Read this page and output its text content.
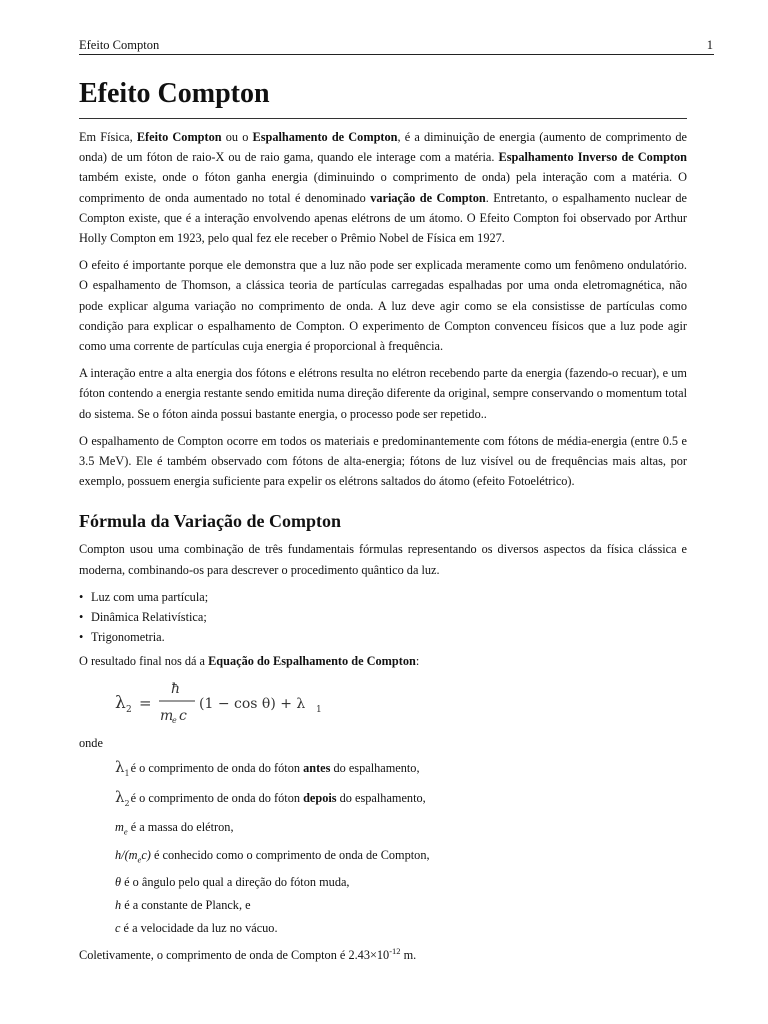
Efeito Compton	1
Efeito Compton

Em Física, Efeito Compton ou o Espalhamento de Compton, é a diminuição de energia (aumento de comprimento de onda) de um fóton de raio-X ou de raio gama, quando ele interage com a matéria. Espalhamento Inverso de Compton também existe, onde o fóton ganha energia (diminuindo o comprimento de onda) pela interação com a matéria. O comprimento de onda aumentado no total é denominado variação de Compton. Entretanto, o espalhamento nuclear de Compton existe, que é a interação envolvendo apenas elétrons de um átomo. O Efeito Compton foi observado por Arthur Holly Compton em 1923, pelo qual fez ele receber o Prêmio Nobel de Física em 1927.

O efeito é importante porque ele demonstra que a luz não pode ser explicada meramente como um fenômeno ondulatório. O espalhamento de Thomson, a clássica teoria de partículas carregadas espalhadas por uma onda eletromagnética, não pode explicar alguma variação no comprimento de onda. A luz deve agir como se ela consistisse de partículas como condição para explicar o espalhamento de Compton. O experimento de Compton convenceu físicos que a luz pode agir como uma corrente de partículas cuja energia é proporcional à frequência.

A interação entre a alta energia dos fótons e elétrons resulta no elétron recebendo parte da energia (fazendo-o recuar), e um fóton contendo a energia restante sendo emitida numa direção diferente da original, sempre conservando o momentum total do sistema. Se o fóton ainda possui bastante energia, o processo pode ser repetido..

O espalhamento de Compton ocorre em todos os materiais e predominantemente com fótons de média-energia (entre 0.5 e 3.5 MeV). Ele é também observado com fótons de alta-energia; fótons de luz visível ou de frequências mais altas, por exemplo, possuem energia suficiente para expelir os elétrons saltados do átomo (efeito Fotoelétrico).

Fórmula da Variação de Compton

Compton usou uma combinação de três fundamentais fórmulas representando os diversos aspectos da física clássica e moderna, combinando-os para descrever o procedimento quântico da luz.

• Luz com uma partícula;
• Dinâmica Relativística;
• Trigonometria.

O resultado final nos dá a Equação do Espalhamento de Compton:

λ 2 =
ħ
m
e c
(1 − cos θ) + λ 1
onde
$\lambda_1é$ o comprimento de onda do fóton antes do espalhamento,
$\lambda_2é$ o comprimento de onda do fóton depois do espalhamento,
$m_e$ é a massa do elétron,
$h/(m_ec)$ é conhecido como o comprimento de onda de Compton,
θ é o ângulo pelo qual a direção do fóton muda,
h é a constante de Planck, e
c é a velocidade da luz no vácuo.
Coletivamente, o comprimento de onda de Compton é $2.43\times 10^{-12}$ m.
